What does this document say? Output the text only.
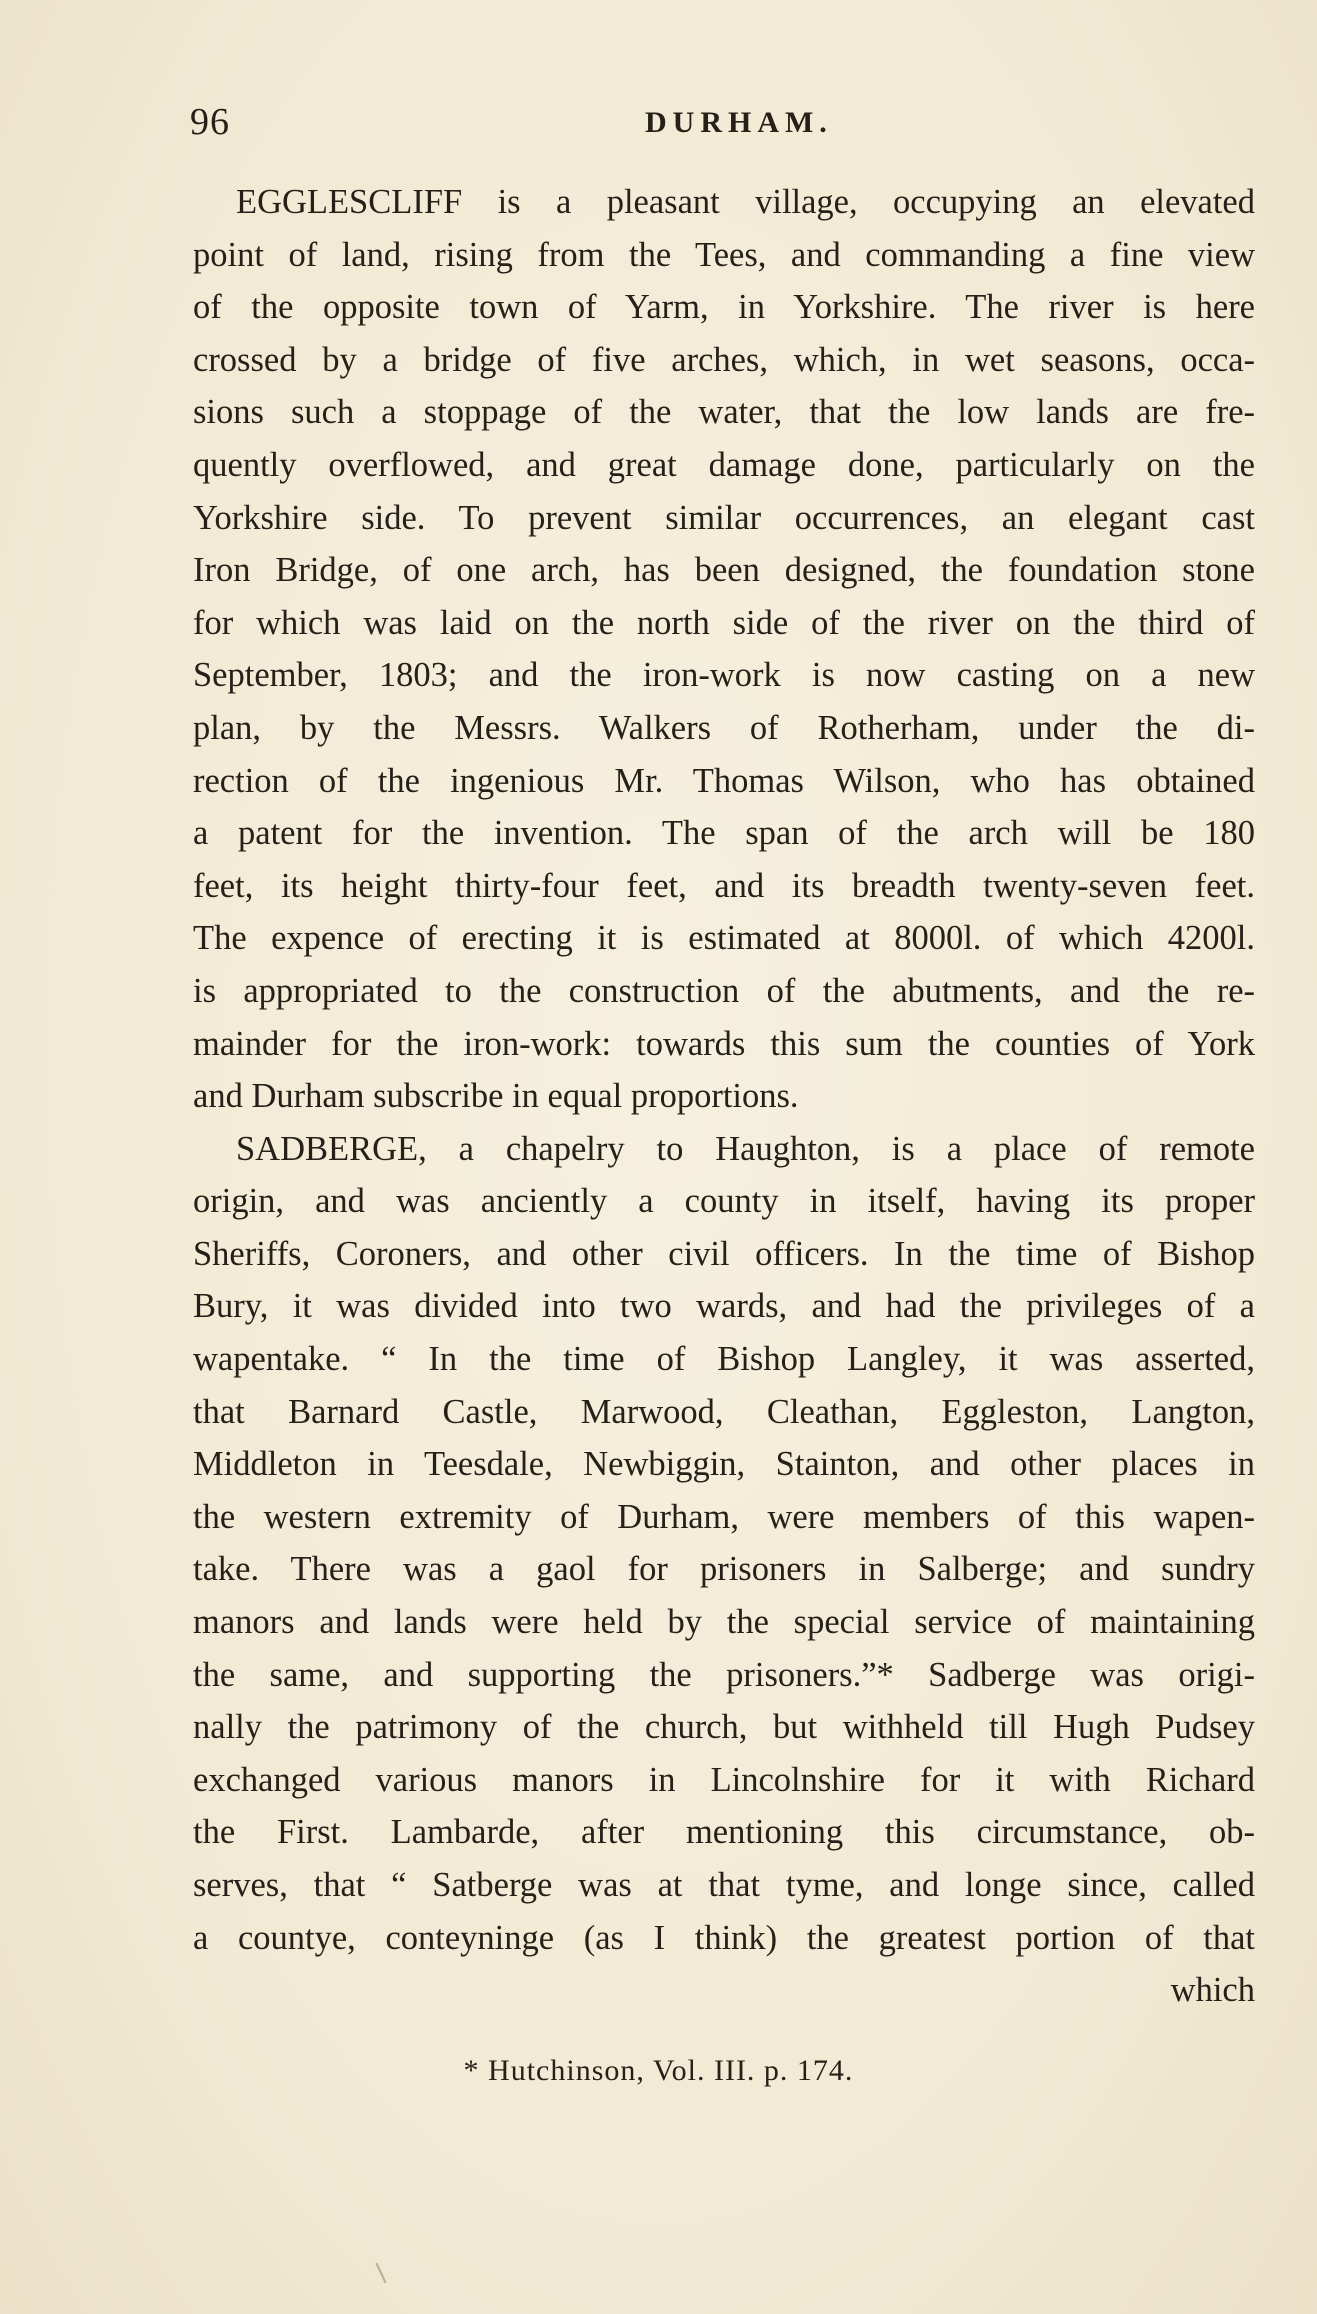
96	DURHAM.
EGGLESCLIFF is a pleasant village, occupying an elevated
point of land, rising from the Tees, and commanding a fine view
of the opposite town of Yarm, in Yorkshire. The river is here
crossed by a bridge of five arches, which, in wet seasons, occa-
sions such a stoppage of the water, that the low lands are fre-
quently overflowed, and great damage done, particularly on the
Yorkshire side. To prevent similar occurrences, an elegant cast
Iron Bridge, of one arch, has been designed, the foundation stone
for which was laid on the north side of the river on the third of
September, 1803; and the iron-work is now casting on a new
plan, by the Messrs. Walkers of Rotherham, under the di-
rection of the ingenious Mr. Thomas Wilson, who has obtained
a patent for the invention. The span of the arch will be 180
feet, its height thirty-four feet, and its breadth twenty-seven feet.
The expence of erecting it is estimated at 8000l. of which 4200l.
is appropriated to the construction of the abutments, and the re-
mainder for the iron-work: towards this sum the counties of York
and Durham subscribe in equal proportions.
SADBERGE, a chapelry to Haughton, is a place of remote
origin, and was anciently a county in itself, having its proper
Sheriffs, Coroners, and other civil officers. In the time of Bishop
Bury, it was divided into two wards, and had the privileges of a
wapentake. “ In the time of Bishop Langley, it was asserted,
that Barnard Castle, Marwood, Cleathan, Eggleston, Langton,
Middleton in Teesdale, Newbiggin, Stainton, and other places in
the western extremity of Durham, were members of this wapen-
take. There was a gaol for prisoners in Salberge; and sundry
manors and lands were held by the special service of maintaining
the same, and supporting the prisoners.”* Sadberge was origi-
nally the patrimony of the church, but withheld till Hugh Pudsey
exchanged various manors in Lincolnshire for it with Richard
the First. Lambarde, after mentioning this circumstance, ob-
serves, that “ Satberge was at that tyme, and longe since, called
a countye, conteyninge (as I think) the greatest portion of that
which
* Hutchinson, Vol. III. p. 174.
